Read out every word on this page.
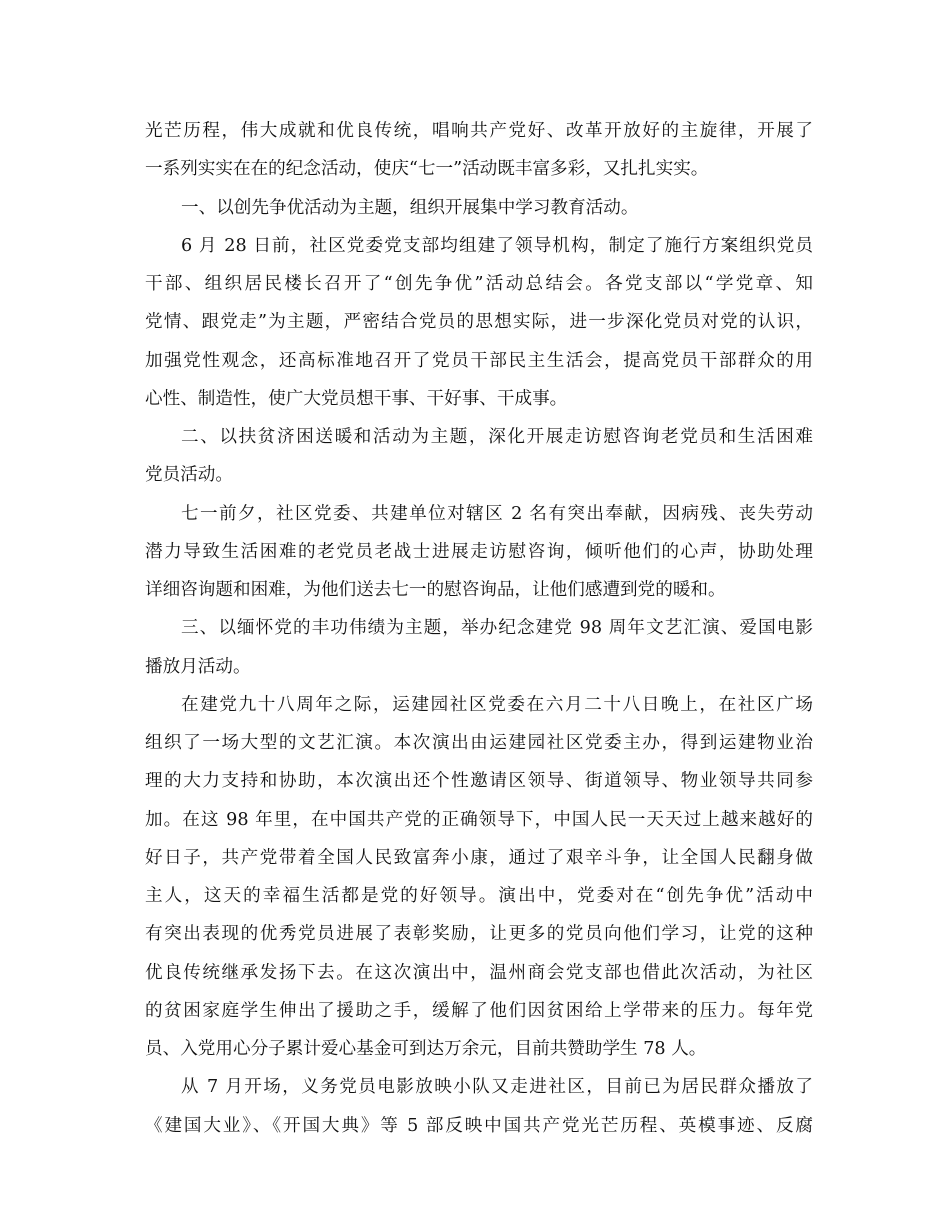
光芒历程，伟大成就和优良传统，唱响共产党好、改革开放好的主旋律，开展了
一系列实实在在的纪念活动，使庆“七一”活动既丰富多彩，又扎扎实实。
一、以创先争优活动为主题，组织开展集中学习教育活动。
6 月 28 日前，社区党委党支部均组建了领导机构，制定了施行方案组织党员
干部、组织居民楼长召开了“创先争优”活动总结会。各党支部以“学党章、知
党情、跟党走”为主题，严密结合党员的思想实际，进一步深化党员对党的认识，
加强党性观念，还高标准地召开了党员干部民主生活会，提高党员干部群众的用
心性、制造性，使广大党员想干事、干好事、干成事。
二、以扶贫济困送暖和活动为主题，深化开展走访慰咨询老党员和生活困难
党员活动。
七一前夕，社区党委、共建单位对辖区 2 名有突出奉献，因病残、丧失劳动
潜力导致生活困难的老党员老战士进展走访慰咨询，倾听他们的心声，协助处理
详细咨询题和困难，为他们送去七一的慰咨询品，让他们感遭到党的暖和。
三、以缅怀党的丰功伟绩为主题，举办纪念建党 98 周年文艺汇演、爱国电影
播放月活动。
在建党九十八周年之际，运建园社区党委在六月二十八日晚上，在社区广场
组织了一场大型的文艺汇演。本次演出由运建园社区党委主办，得到运建物业治
理的大力支持和协助，本次演出还个性邀请区领导、街道领导、物业领导共同参
加。在这 98 年里，在中国共产党的正确领导下，中国人民一天天过上越来越好的
好日子，共产党带着全国人民致富奔小康，通过了艰辛斗争，让全国人民翻身做
主人，这天的幸福生活都是党的好领导。演出中，党委对在“创先争优”活动中
有突出表现的优秀党员进展了表彰奖励，让更多的党员向他们学习，让党的这种
优良传统继承发扬下去。在这次演出中，温州商会党支部也借此次活动，为社区
的贫困家庭学生伸出了援助之手，缓解了他们因贫困给上学带来的压力。每年党
员、入党用心分子累计爱心基金可到达万余元，目前共赞助学生 78 人。
从 7 月开场，义务党员电影放映小队又走进社区，目前已为居民群众播放了
《建国大业》、《开国大典》等 5 部反映中国共产党光芒历程、英模事迹、反腐
